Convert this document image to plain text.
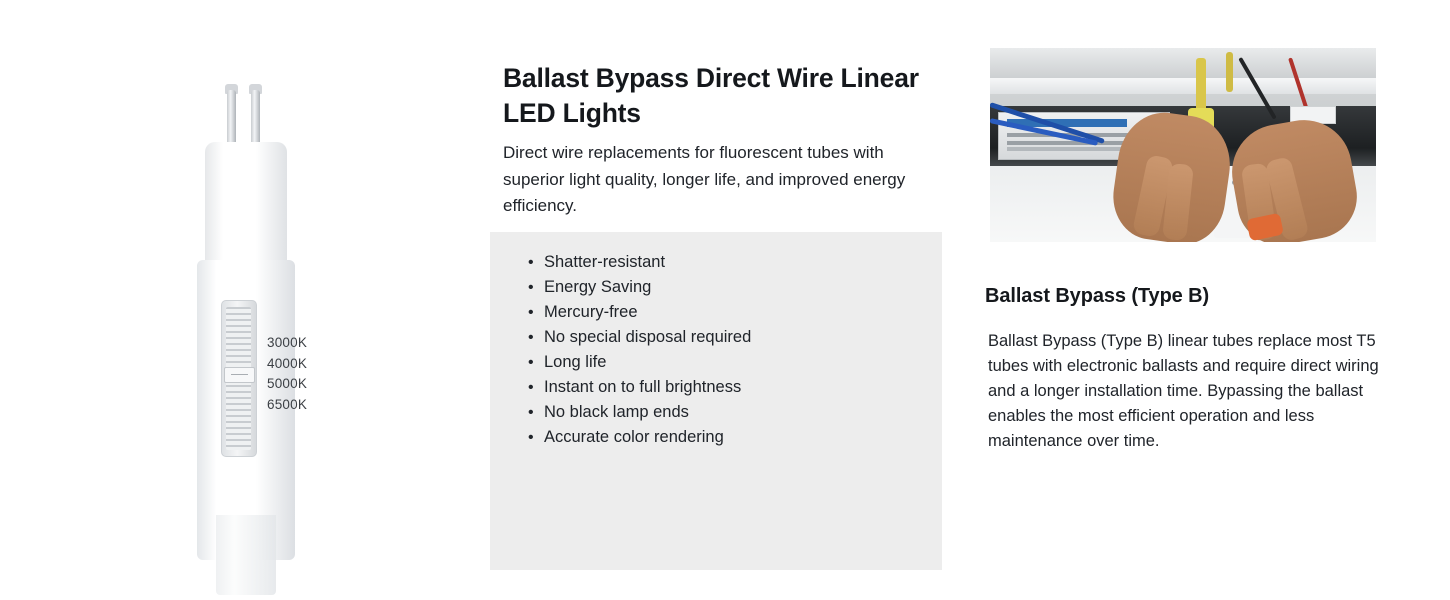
3000K
4000K
5000K
6500K
Ballast Bypass Direct Wire Linear LED Lights

Direct wire replacements for fluorescent tubes with superior light quality, longer life, and improved energy efficiency.

• Shatter-resistant
• Energy Saving
• Mercury-free
• No special disposal required
• Long life
• Instant on to full brightness
• No black lamp ends
• Accurate color rendering
Ballast Bypass (Type B)

Ballast Bypass (Type B) linear tubes replace most T5 tubes with electronic ballasts and require direct wiring and a longer installation time. Bypassing the ballast enables the most efficient operation and less maintenance over time.
